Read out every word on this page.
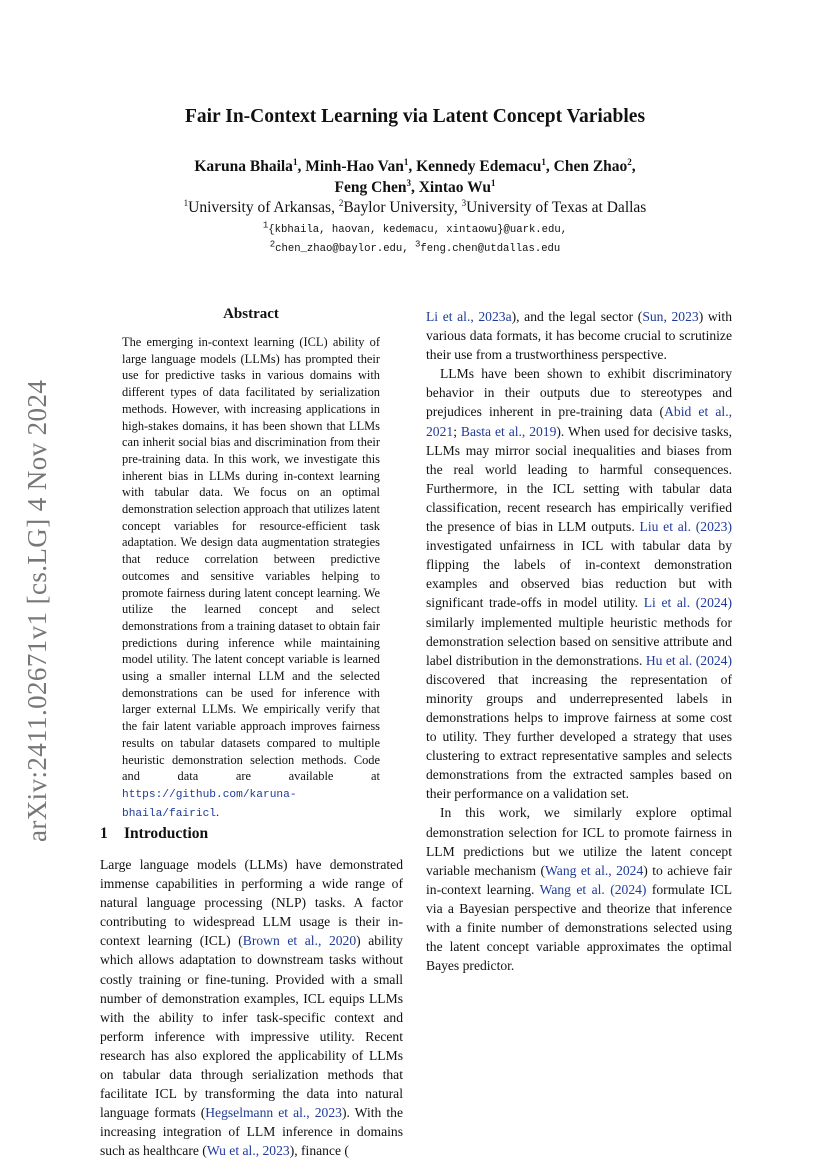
arXiv:2411.02671v1 [cs.LG] 4 Nov 2024
Fair In-Context Learning via Latent Concept Variables
Karuna Bhaila$^1$, Minh-Hao Van$^1$, Kennedy Edemacu$^1$, Chen Zhao$^2$,
Feng Chen$^3$, Xintao Wu$^1$
$^1$University of Arkansas, $^2$Baylor University, $^3$University of Texas at Dallas
$^1${kbhaila, haovan, kedemacu, xintaowu}@uark.edu,
$^2$chen_zhao@baylor.edu, $^3$feng.chen@utdallas.edu
Abstract
The emerging in-context learning (ICL) ability of large language models (LLMs) has prompted their use for predictive tasks in various domains with different types of data facilitated by serialization methods. However, with increasing applications in high-stakes domains, it has been shown that LLMs can inherit social bias and discrimination from their pre-training data. In this work, we investigate this inherent bias in LLMs during in-context learning with tabular data. We focus on an optimal demonstration selection approach that utilizes latent concept variables for resource-efficient task adaptation. We design data augmentation strategies that reduce correlation between predictive outcomes and sensitive variables helping to promote fairness during latent concept learning. We utilize the learned concept and select demonstrations from a training dataset to obtain fair predictions during inference while maintaining model utility. The latent concept variable is learned using a smaller internal LLM and the selected demonstrations can be used for inference with larger external LLMs. We empirically verify that the fair latent variable approach improves fairness results on tabular datasets compared to multiple heuristic demonstration selection methods. Code and data are available at https://github.com/karuna-bhaila/fairicl.
1 Introduction

Large language models (LLMs) have demonstrated immense capabilities in performing a wide range of natural language processing (NLP) tasks. A factor contributing to widespread LLM usage is their in-context learning (ICL) (Brown et al., 2020) ability which allows adaptation to downstream tasks without costly training or fine-tuning. Provided with a small number of demonstration examples, ICL equips LLMs with the ability to infer task-specific context and perform inference with impressive utility. Recent research has also explored the applicability of LLMs on tabular data through serialization methods that facilitate ICL by transforming the data into natural language formats (Hegselmann et al., 2023). With the increasing integration of LLM inference in domains such as healthcare (Wu et al., 2023), finance (

Li et al., 2023a), and the legal sector (Sun, 2023) with various data formats, it has become crucial to scrutinize their use from a trustworthiness perspective.

LLMs have been shown to exhibit discriminatory behavior in their outputs due to stereotypes and prejudices inherent in pre-training data (Abid et al., 2021; Basta et al., 2019). When used for decisive tasks, LLMs may mirror social inequalities and biases from the real world leading to harmful consequences. Furthermore, in the ICL setting with tabular data classification, recent research has empirically verified the presence of bias in LLM outputs. Liu et al. (2023) investigated unfairness in ICL with tabular data by flipping the labels of in-context demonstration examples and observed bias reduction but with significant trade-offs in model utility. Li et al. (2024) similarly implemented multiple heuristic methods for demonstration selection based on sensitive attribute and label distribution in the demonstrations. Hu et al. (2024) discovered that increasing the representation of minority groups and underrepresented labels in demonstrations helps to improve fairness at some cost to utility. They further developed a strategy that uses clustering to extract representative samples and selects demonstrations from the extracted samples based on their performance on a validation set.

In this work, we similarly explore optimal demonstration selection for ICL to promote fairness in LLM predictions but we utilize the latent concept variable mechanism (Wang et al., 2024) to achieve fair in-context learning. Wang et al. (2024) formulate ICL via a Bayesian perspective and theorize that inference with a finite number of demonstrations selected using the latent concept variable approximates the optimal Bayes predictor.
